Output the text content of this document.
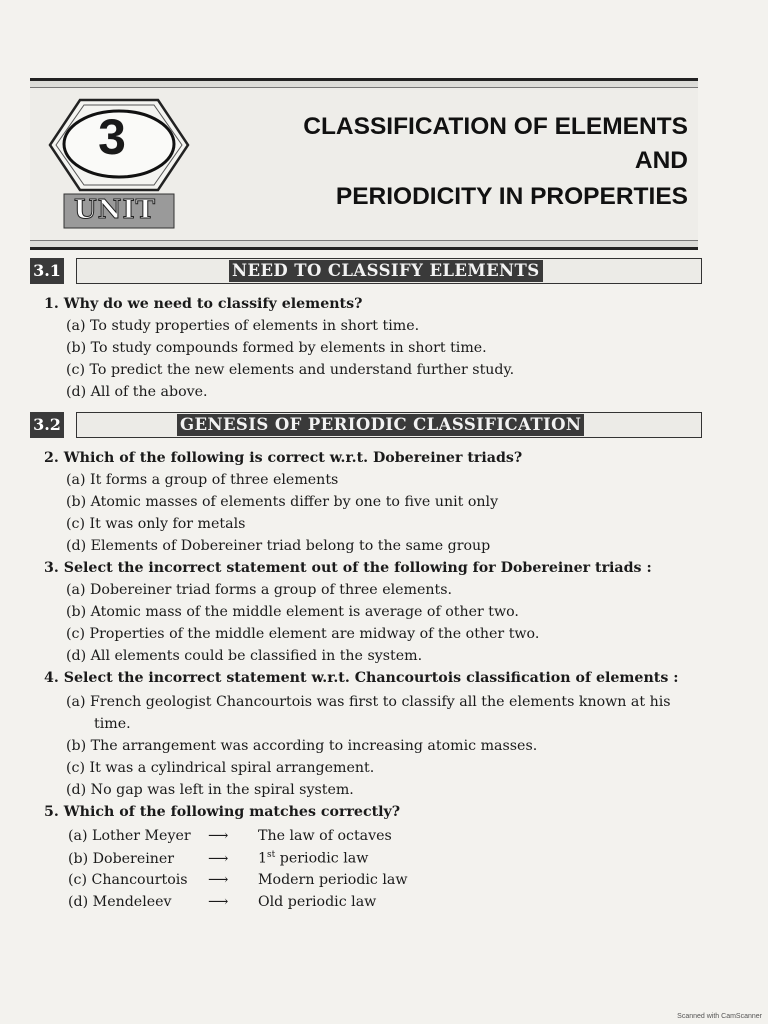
3
UNIT
CLASSIFICATION OF ELEMENTS
AND
PERIODICITY IN PROPERTIES
3.1	NEED TO CLASSIFY ELEMENTS
1. Why do we need to classify elements?
(a) To study properties of elements in short time.
(b) To study compounds formed by elements in short time.
(c) To predict the new elements and understand further study.
(d) All of the above.
3.2	GENESIS OF PERIODIC CLASSIFICATION
2. Which of the following is correct w.r.t. Dobereiner triads?
(a) It forms a group of three elements
(b) Atomic masses of elements differ by one to five unit only
(c) It was only for metals
(d) Elements of Dobereiner triad belong to the same group
3. Select the incorrect statement out of the following for Dobereiner triads :
(a) Dobereiner triad forms a group of three elements.
(b) Atomic mass of the middle element is average of other two.
(c) Properties of the middle element are midway of the other two.
(d) All elements could be classified in the system.
4. Select the incorrect statement w.r.t. Chancourtois classification of elements :
(a) French geologist Chancourtois was first to classify all the elements known at his
time.
(b) The arrangement was according to increasing atomic masses.
(c) It was a cylindrical spiral arrangement.
(d) No gap was left in the spiral system.
5. Which of the following matches correctly?
(a) Lother Meyer ⟶ The law of octaves
(b) Dobereiner ⟶ 1st periodic law
(c) Chancourtois ⟶ Modern periodic law
(d) Mendeleev	⟶ Old periodic law
Scanned with CamScanner
